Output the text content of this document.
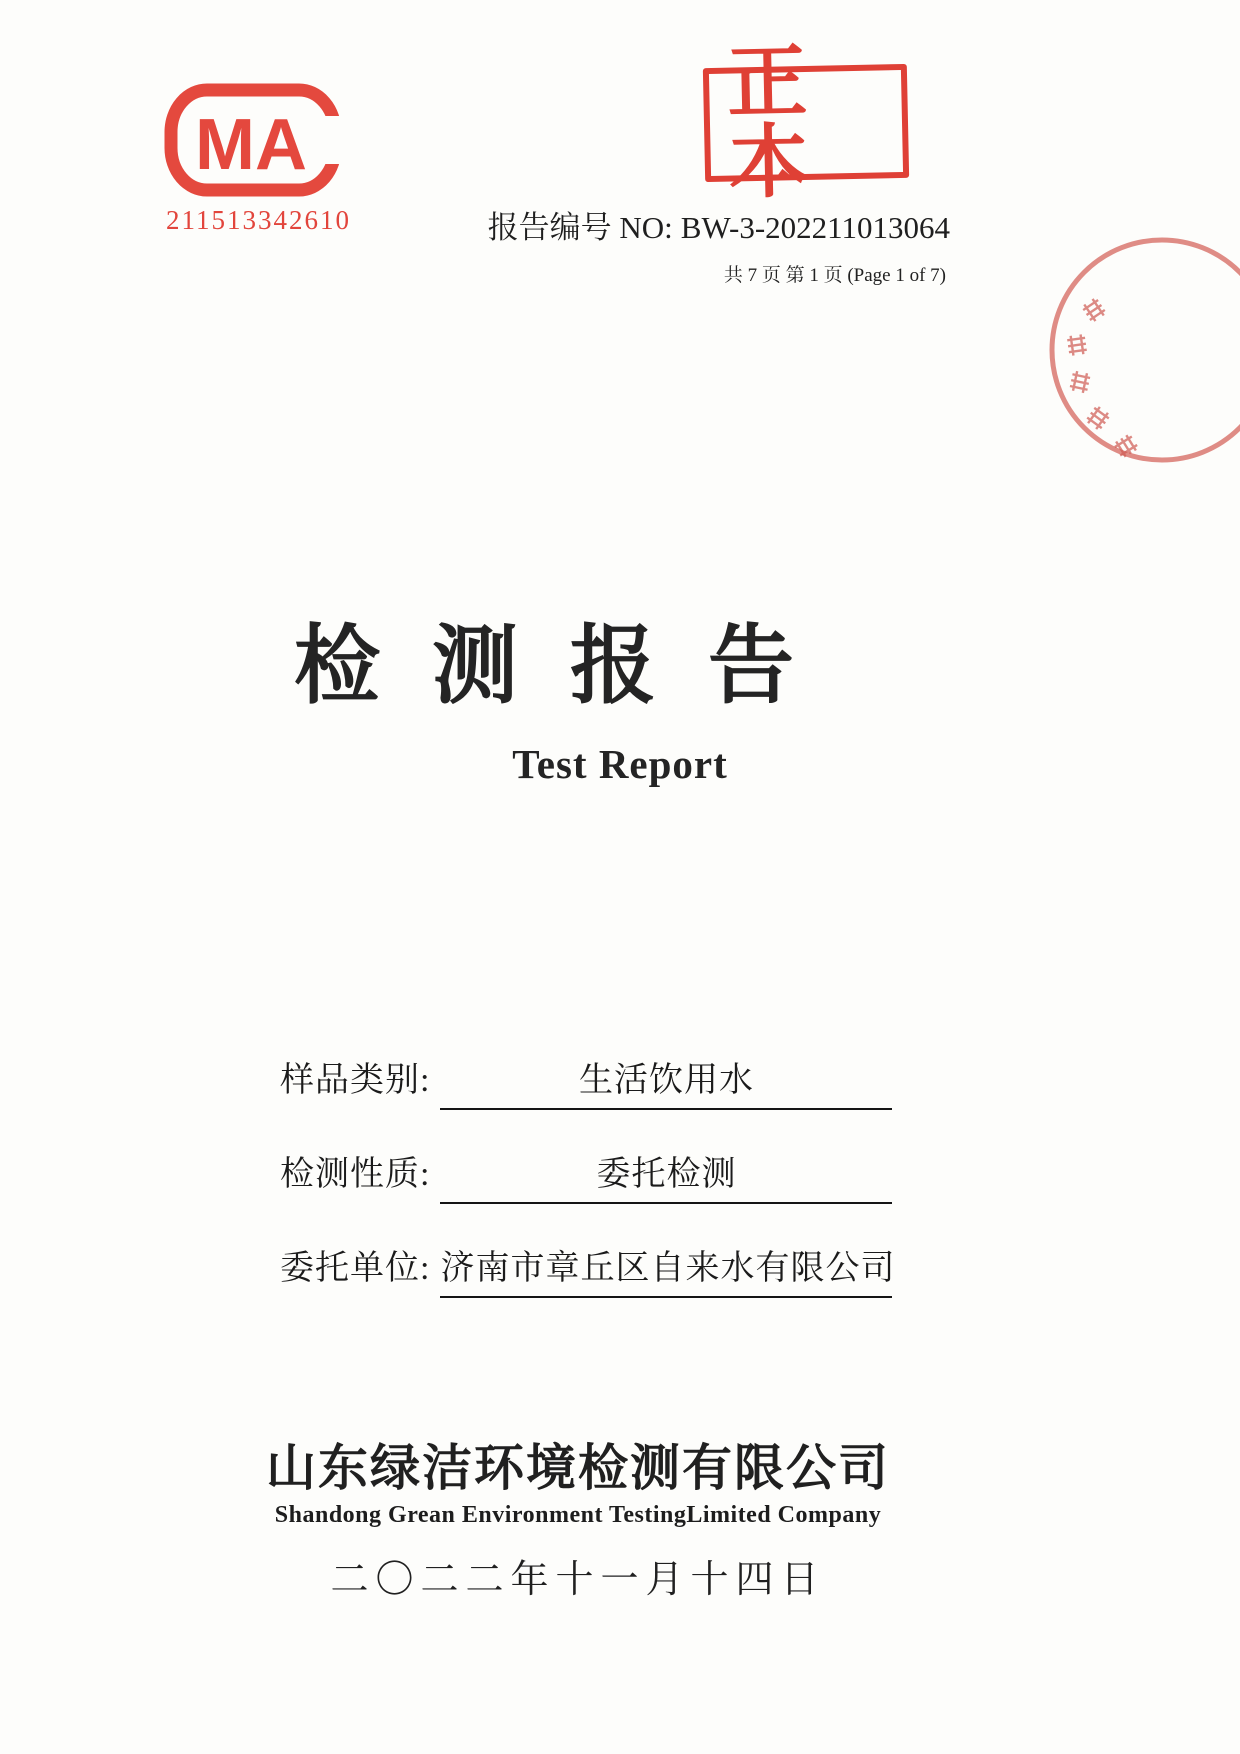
MA
211513342610
正本
报告编号 NO: BW-3-202211013064
共 7 页 第 1 页 (Page 1 of 7)
检测报告
Test Report
样品类别:	生活饮用水
检测性质:	委托检测
委托单位: 济南市章丘区自来水有限公司
山东绿洁环境检测有限公司
Shandong Grean Environment TestingLimited Company
二〇二二年十一月十四日
